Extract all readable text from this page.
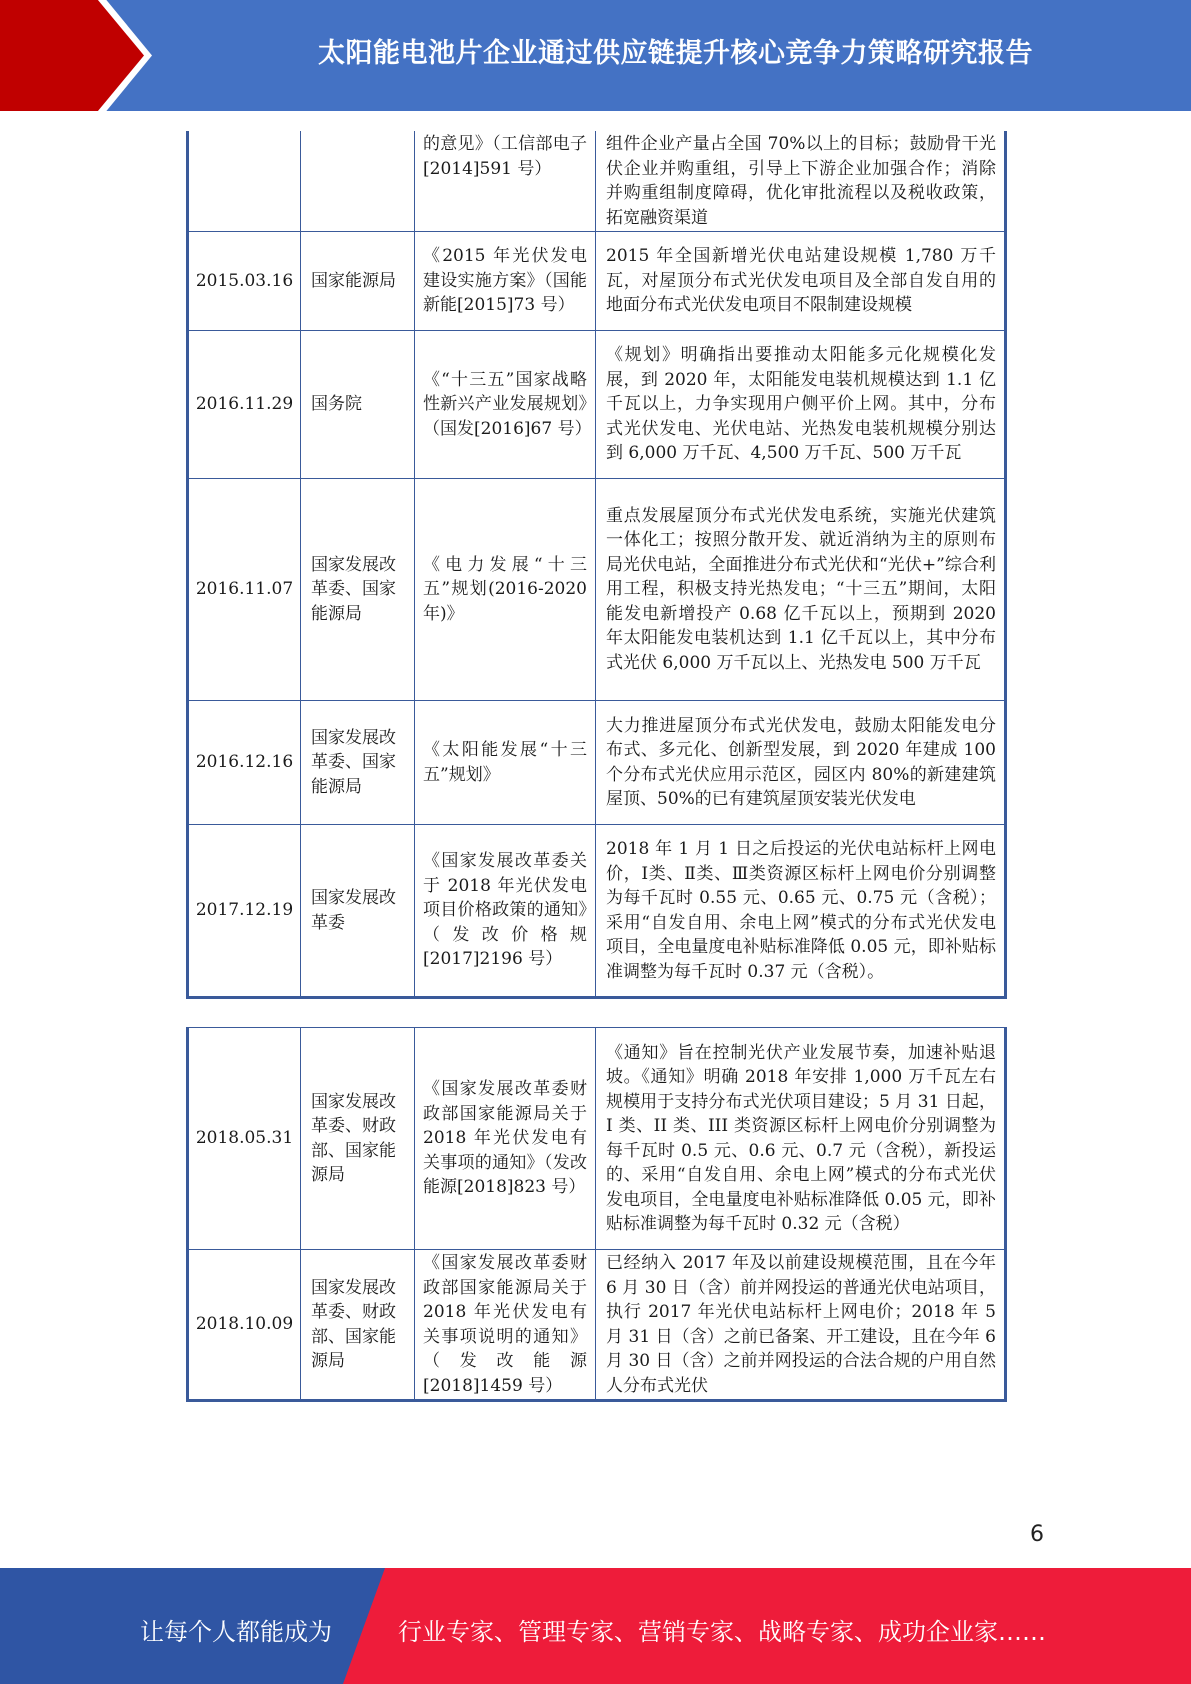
太阳能电池片企业通过供应链提升核心竞争力策略研究报告
		的意见》（工信部电子[2014]591 号）	组件企业产量占全国 70%以上的目标；鼓励骨干光伏企业并购重组，引导上下游企业加强合作；消除并购重组制度障碍，优化审批流程以及税收政策，拓宽融资渠道
2015.03.16	国家能源局	《2015 年光伏发电建设实施方案》（国能新能[2015]73 号）	2015 年全国新增光伏电站建设规模 1,780 万千瓦，对屋顶分布式光伏发电项目及全部自发自用的地面分布式光伏发电项目不限制建设规模
2016.11.29	国务院	《“十三五”国家战略性新兴产业发展规划》（国发[2016]67 号）	《规划》明确指出要推动太阳能多元化规模化发展，到 2020 年，太阳能发电装机规模达到 1.1 亿千瓦以上，力争实现用户侧平价上网。其中，分布式光伏发电、光伏电站、光热发电装机规模分别达到 6,000 万千瓦、4,500 万千瓦、500 万千瓦
2016.11.07	国家发展改革委、国家能源局	《电力发展“十三五”规划(2016-2020 年)》	重点发展屋顶分布式光伏发电系统，实施光伏建筑一体化工；按照分散开发、就近消纳为主的原则布局光伏电站，全面推进分布式光伏和“光伏+”综合利用工程，积极支持光热发电；“十三五”期间，太阳能发电新增投产 0.68 亿千瓦以上，预期到 2020 年太阳能发电装机达到 1.1 亿千瓦以上，其中分布式光伏 6,000 万千瓦以上、光热发电 500 万千瓦
2016.12.16	国家发展改革委、国家能源局	《太阳能发展“十三五”规划》	大力推进屋顶分布式光伏发电，鼓励太阳能发电分布式、多元化、创新型发展，到 2020 年建成 100 个分布式光伏应用示范区，园区内 80%的新建建筑屋顶、50%的已有建筑屋顶安装光伏发电
2017.12.19	国家发展改革委	《国家发展改革委关于 2018 年光伏发电项目价格政策的通知》（发改价格规[2017]2196 号）	2018 年 1 月 1 日之后投运的光伏电站标杆上网电价，Ⅰ类、Ⅱ类、Ⅲ类资源区标杆上网电价分别调整为每千瓦时 0.55 元、0.65 元、0.75 元（含税）；采用“自发自用、余电上网”模式的分布式光伏发电项目，全电量度电补贴标准降低 0.05 元，即补贴标准调整为每千瓦时 0.37 元（含税）。
2018.05.31	国家发展改革委、财政部、国家能源局	《国家发展改革委财政部国家能源局关于 2018 年光伏发电有关事项的通知》（发改能源[2018]823 号）	《通知》旨在控制光伏产业发展节奏，加速补贴退坡。《通知》明确 2018 年安排 1,000 万千瓦左右规模用于支持分布式光伏项目建设；5 月 31 日起，I 类、II 类、III 类资源区标杆上网电价分别调整为每千瓦时 0.5 元、0.6 元、0.7 元（含税），新投运的、采用“自发自用、余电上网”模式的分布式光伏发电项目，全电量度电补贴标准降低 0.05 元，即补贴标准调整为每千瓦时 0.32 元（含税）
2018.10.09	国家发展改革委、财政部、国家能源局	《国家发展改革委财政部国家能源局关于 2018 年光伏发电有关事项说明的通知》（发改能源 [2018]1459 号）	已经纳入 2017 年及以前建设规模范围，且在今年 6 月 30 日（含）前并网投运的普通光伏电站项目，执行 2017 年光伏电站标杆上网电价；2018 年 5 月 31 日（含）之前已备案、开工建设，且在今年 6 月 30 日（含）之前并网投运的合法合规的户用自然人分布式光伏
6
让每个人都能成为	行业专家、管理专家、营销专家、战略专家、成功企业家……
